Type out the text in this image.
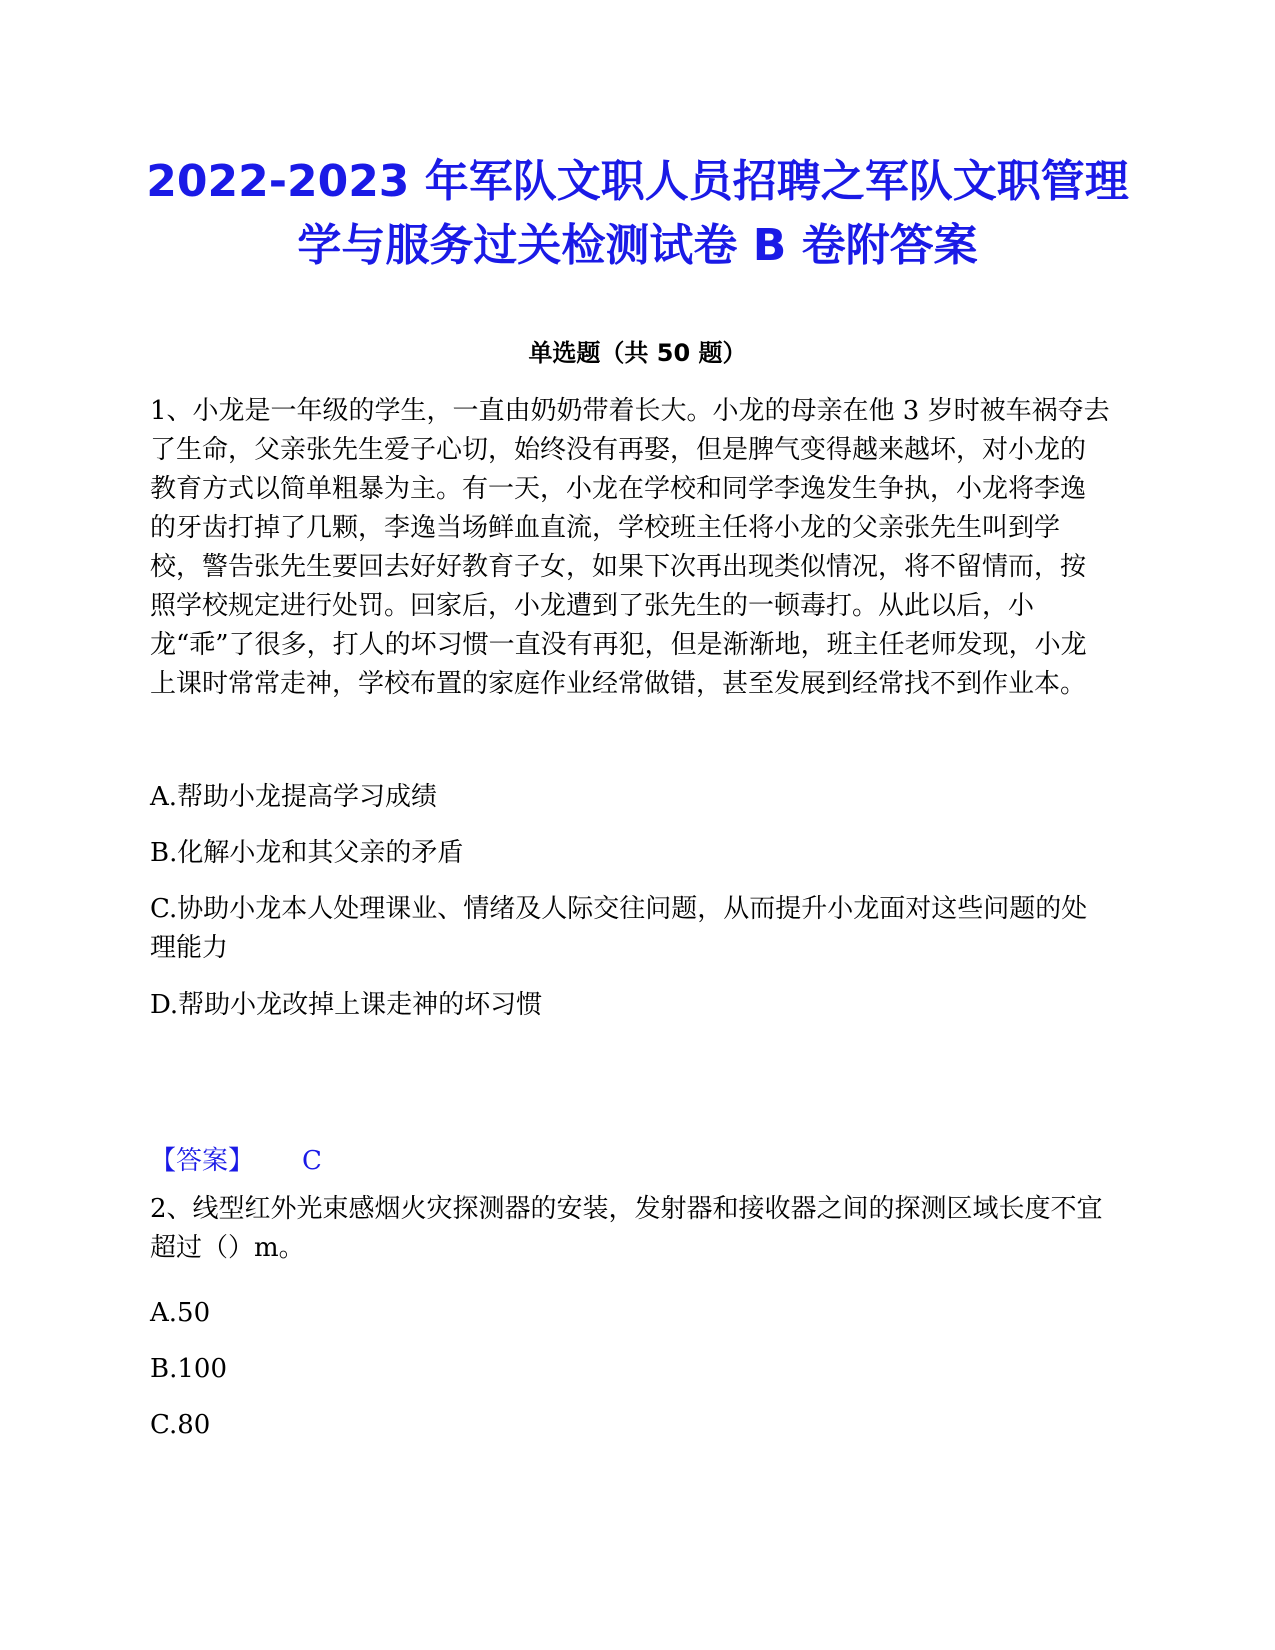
2022-2023 年军队文职人员招聘之军队文职管理学与服务过关检测试卷 B 卷附答案
单选题（共 50 题）

1、小龙是一年级的学生，一直由奶奶带着长大。小龙的母亲在他 3 岁时被车祸夺去了生命，父亲张先生爱子心切，始终没有再娶，但是脾气变得越来越坏，对小龙的教育方式以简单粗暴为主。有一天，小龙在学校和同学李逸发生争执，小龙将李逸的牙齿打掉了几颗，李逸当场鲜血直流，学校班主任将小龙的父亲张先生叫到学校，警告张先生要回去好好教育子女，如果下次再出现类似情况，将不留情而，按照学校规定进行处罚。回家后，小龙遭到了张先生的一顿毒打。从此以后，小龙“乖”了很多，打人的坏习惯一直没有再犯，但是渐渐地，班主任老师发现，小龙上课时常常走神，学校布置的家庭作业经常做错，甚至发展到经常找不到作业本。

A.帮助小龙提高学习成绩

B.化解小龙和其父亲的矛盾

C.协助小龙本人处理课业、情绪及人际交往问题，从而提升小龙面对这些问题的处理能力

D.帮助小龙改掉上课走神的坏习惯

【答案】 C

2、线型红外光束感烟火灾探测器的安装，发射器和接收器之间的探测区域长度不宜超过（）m。

A.50

B.100

C.80
